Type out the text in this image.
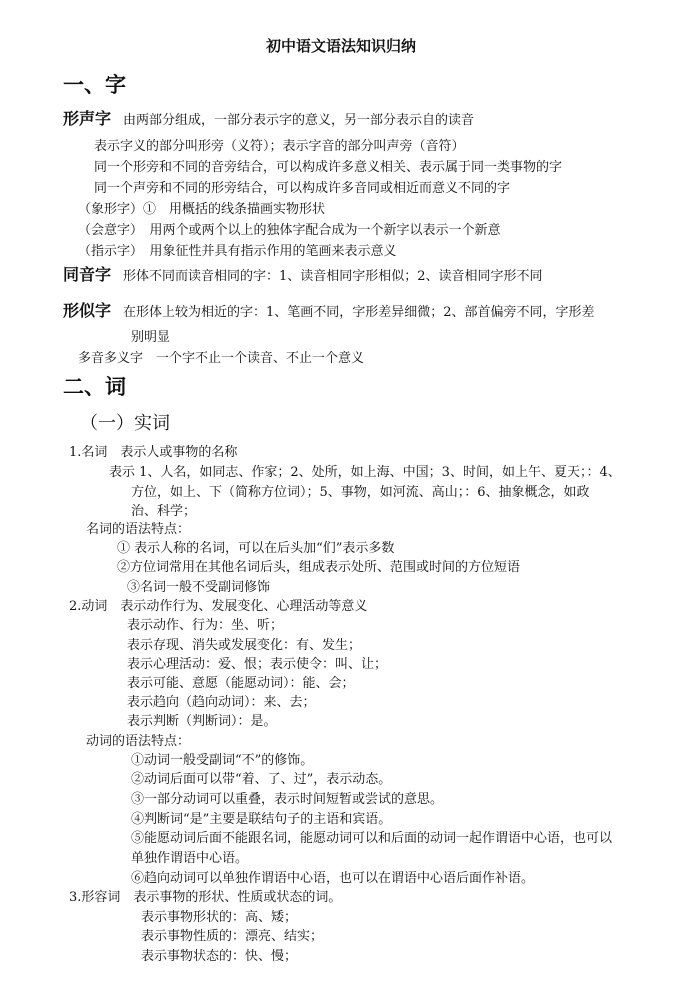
初中语文语法知识归纳
一、字
形声字 由两部分组成，一部分表示字的意义，另一部分表示自的读音
表示字义的部分叫形旁（义符）；表示字音的部分叫声旁（音符）
同一个形旁和不同的音旁结合，可以构成许多意义相关、表示属于同一类事物的字
同一个声旁和不同的形旁结合，可以构成许多音同或相近而意义不同的字
（象形字）①　用概括的线条描画实物形状
（会意字）　用两个或两个以上的独体字配合成为一个新字以表示一个新意
（指示字）　用象征性并具有指示作用的笔画来表示意义
同音字 形体不同而读音相同的字：1、读音相同字形相似；2、读音相同字形不同
形似字 在形体上较为相近的字：1、笔画不同，字形差异细微；2、部首偏旁不同，字形差
别明显
多音多义字　一个字不止一个读音、不止一个意义
二、词
（一）实词
1.名词　表示人或事物的名称
表示 1、人名，如同志、作家；2、处所，如上海、中国；3、时间，如上午、夏天；：4、
方位，如上、下（简称方位词）；5、事物，如河流、高山；：6、抽象概念，如政
治、科学；
名词的语法特点：
① 表示人称的名词，可以在后头加“们”表示多数
②方位词常用在其他名词后头，组成表示处所、范围或时间的方位短语
③名词一般不受副词修饰
2.动词　表示动作行为、发展变化、心理活动等意义
表示动作、行为：坐、听；
表示存现、消失或发展变化：有、发生；
表示心理活动：爱、恨；表示使令：叫、让；
表示可能、意愿（能愿动词）：能、会；
表示趋向（趋向动词）：来、去；
表示判断（判断词）：是。
动词的语法特点：
①动词一般受副词“不”的修饰。
②动词后面可以带“着、了、过”，表示动态。
③一部分动词可以重叠，表示时间短暂或尝试的意思。
④判断词“是”主要是联结句子的主语和宾语。
⑤能愿动词后面不能跟名词，能愿动词可以和后面的动词一起作谓语中心语，也可以
单独作谓语中心语。
⑥趋向动词可以单独作谓语中心语，也可以在谓语中心语后面作补语。
3.形容词　表示事物的形状、性质或状态的词。
表示事物形状的：高、矮；
表示事物性质的：漂亮、结实；
表示事物状态的：快、慢；
